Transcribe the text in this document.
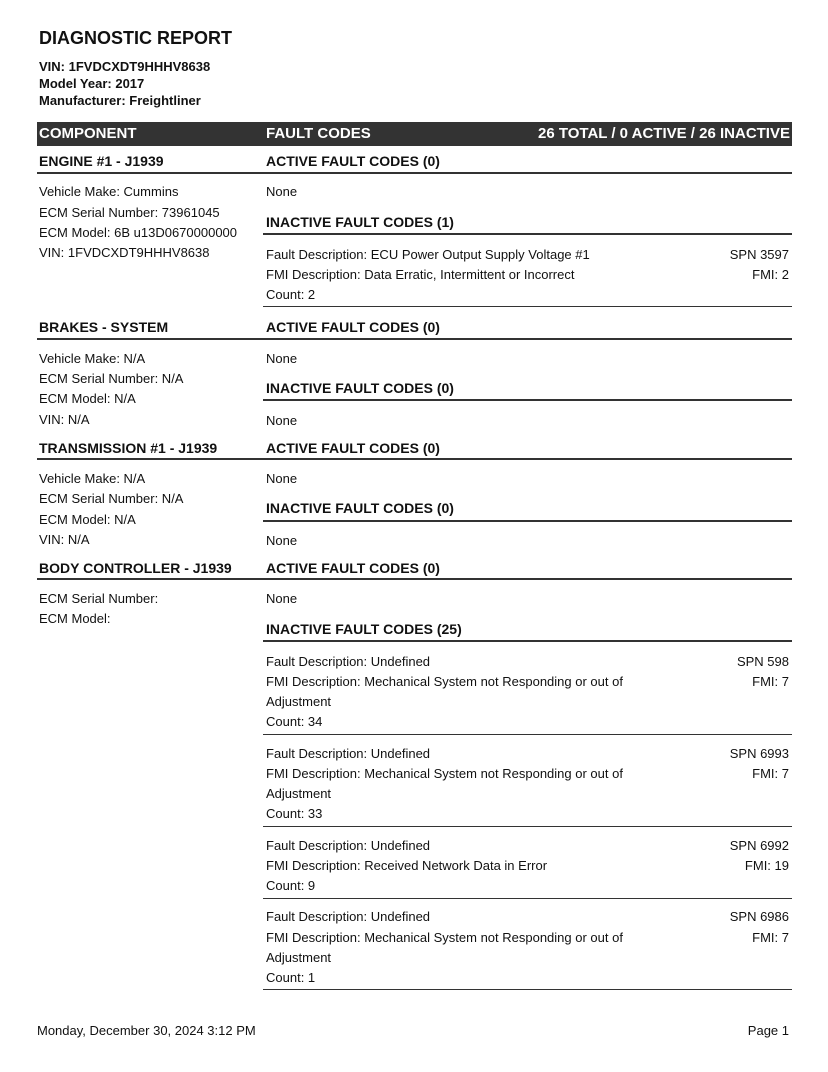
DIAGNOSTIC REPORT
VIN: 1FVDCXDT9HHHV8638
Model Year: 2017
Manufacturer: Freightliner
COMPONENT	FAULT CODES	26 TOTAL / 0 ACTIVE / 26 INACTIVE
ENGINE #1 - J1939	ACTIVE FAULT CODES (0)
Vehicle Make: Cummins
ECM Serial Number: 73961045
ECM Model: 6B u13D0670000000
VIN: 1FVDCXDT9HHHV8638
None
INACTIVE FAULT CODES (1)
Fault Description: ECU Power Output Supply Voltage #1	SPN 3597
FMI Description: Data Erratic, Intermittent or Incorrect	FMI: 2
Count: 2
BRAKES - SYSTEM	ACTIVE FAULT CODES (0)
Vehicle Make: N/A
ECM Serial Number: N/A
ECM Model: N/A
VIN: N/A
None
INACTIVE FAULT CODES (0)
None
TRANSMISSION #1 - J1939	ACTIVE FAULT CODES (0)
Vehicle Make: N/A
ECM Serial Number: N/A
ECM Model: N/A
VIN: N/A
None
INACTIVE FAULT CODES (0)
None
BODY CONTROLLER - J1939 ACTIVE FAULT CODES (0)
ECM Serial Number:
ECM Model:
None
INACTIVE FAULT CODES (25)
Fault Description: Undefined	SPN 598
FMI Description: Mechanical System not Responding or out of	FMI: 7
Adjustment
Count: 34
Fault Description: Undefined	SPN 6993
FMI Description: Mechanical System not Responding or out of	FMI: 7
Adjustment
Count: 33
Fault Description: Undefined	SPN 6992
FMI Description: Received Network Data in Error	FMI: 19
Count: 9
Fault Description: Undefined	SPN 6986
FMI Description: Mechanical System not Responding or out of	FMI: 7
Adjustment
Count: 1
Monday, December 30, 2024 3:12 PM	Page 1
